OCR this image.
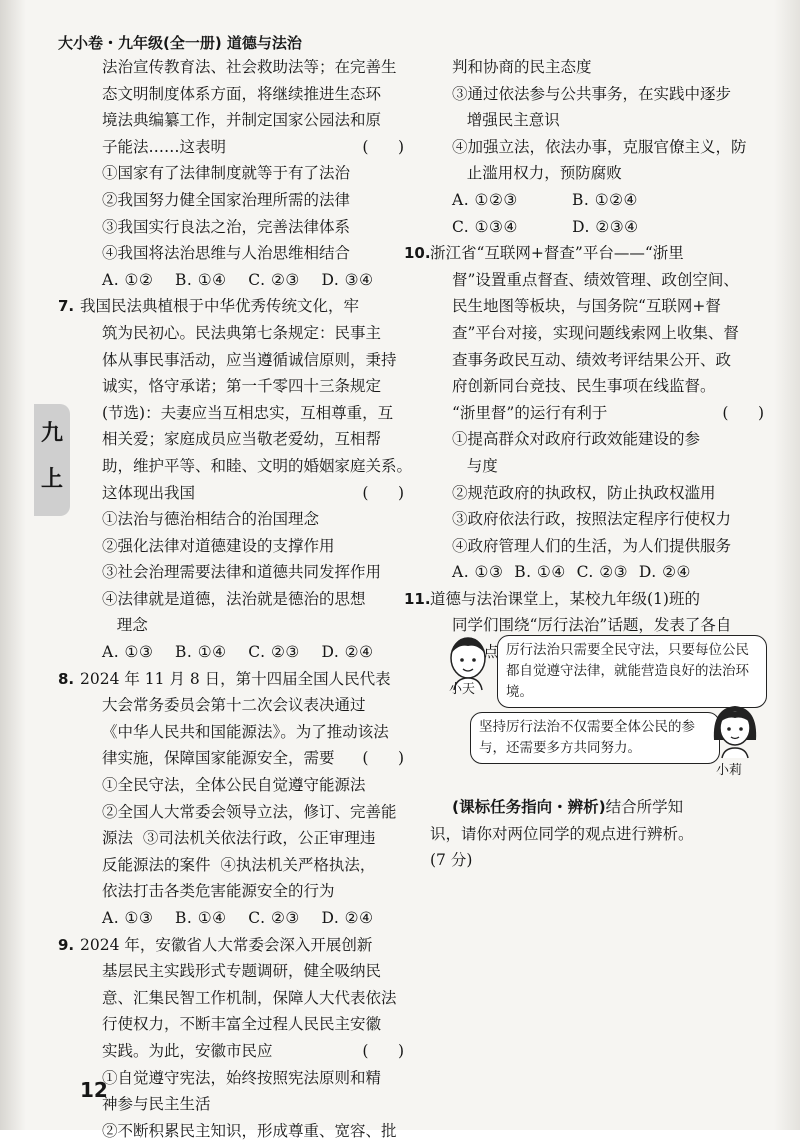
大小卷・九年级(全一册) 道德与法治
法治宣传教育法、社会救助法等；在完善生
态文明制度体系方面，将继续推进生态环
境法典编纂工作，并制定国家公园法和原
子能法……这表明	(      )
①国家有了法律制度就等于有了法治
②我国努力健全国家治理所需的法律
③我国实行良法之治，完善法律体系
④我国将法治思维与人治思维相结合
A. ①②    B. ①④    C. ②③    D. ③④
7. 我国民法典植根于中华优秀传统文化，牢
筑为民初心。民法典第七条规定：民事主
体从事民事活动，应当遵循诚信原则，秉持
诚实，恪守承诺；第一千零四十三条规定
(节选)：夫妻应当互相忠实，互相尊重，互
相关爱；家庭成员应当敬老爱幼，互相帮
助，维护平等、和睦、文明的婚姻家庭关系。
这体现出我国	(      )
①法治与德治相结合的治国理念
②强化法律对道德建设的支撑作用
③社会治理需要法律和道德共同发挥作用
④法律就是道德，法治就是德治的思想
理念
A. ①③    B. ①④    C. ②③    D. ②④
8. 2024 年 11 月 8 日，第十四届全国人民代表
大会常务委员会第十二次会议表决通过
《中华人民共和国能源法》。为了推动该法
律实施，保障国家能源安全，需要 (      )
①全民守法，全体公民自觉遵守能源法
②全国人大常委会领导立法，修订、完善能
源法  ③司法机关依法行政，公正审理违
反能源法的案件  ④执法机关严格执法，
依法打击各类危害能源安全的行为
A. ①③    B. ①④    C. ②③    D. ②④
9. 2024 年，安徽省人大常委会深入开展创新
基层民主实践形式专题调研，健全吸纳民
意、汇集民智工作机制，保障人大代表依法
行使权力，不断丰富全过程人民民主安徽
实践。为此，安徽市民应	(      )
①自觉遵守宪法，始终按照宪法原则和精
神参与民主生活
②不断积累民主知识，形成尊重、宽容、批
判和协商的民主态度
③通过依法参与公共事务，在实践中逐步
增强民主意识
④加强立法，依法办事，克服官僚主义，防
止滥用权力，预防腐败
A. ①②③          B. ①②④
C. ①③④          D. ②③④
10.浙江省“互联网+督查”平台——“浙里
督”设置重点督查、绩效管理、政创空间、
民生地图等板块，与国务院“互联网+督
查”平台对接，实现问题线索网上收集、督
查事务政民互动、绩效考评结果公开、政
府创新同台竞技、民生事项在线监督。
“浙里督”的运行有利于	(      )
①提高群众对政府行政效能建设的参
与度
②规范政府的执政权，防止执政权滥用
③政府依法行政，按照法定程序行使权力
④政府管理人们的生活，为人们提供服务
A. ①③  B. ①④  C. ②③  D. ②④
11.道德与法治课堂上，某校九年级(1)班的
同学们围绕“厉行法治”话题，发表了各自
九
上
小天
厉行法治只需要全民守法，只要每位公民都自觉遵守法律，就能营造良好的法治环境。
坚持厉行法治不仅需要全体公民的参与，还需要多方共同努力。
小莉
(课标任务指向・辨析)结合所学知
识，请你对两位同学的观点进行辨析。
(7 分)
12
